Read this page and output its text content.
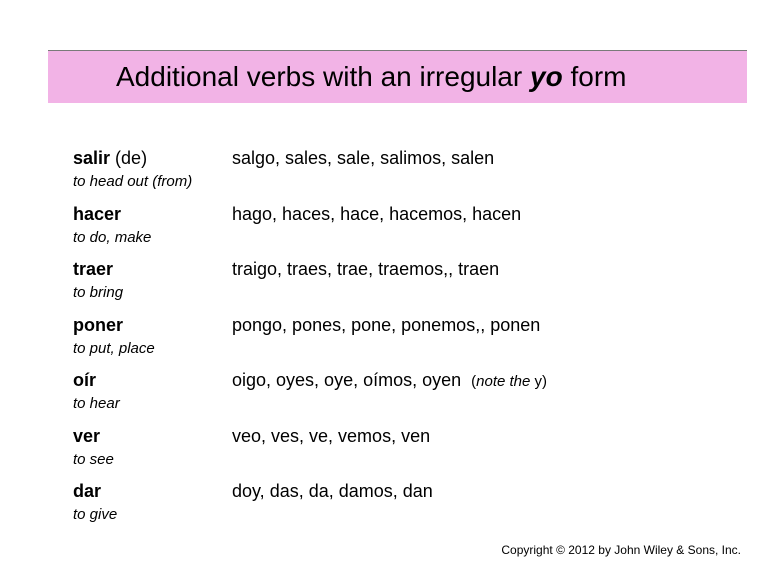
Additional verbs with an irregular yo form
salir (de)
to head out (from)
salgo, sales, sale, salimos, salen
hacer
to do, make
hago, haces, hace, hacemos, hacen
traer
to bring
traigo, traes, trae, traemos,, traen
poner
to put, place
pongo, pones, pone, ponemos,, ponen
oír
to hear
oigo, oyes, oye, oímos, oyen (note the y)
ver
to see
veo, ves, ve, vemos, ven
dar
to give
doy, das, da, damos, dan
Copyright © 2012 by John Wiley & Sons, Inc.
